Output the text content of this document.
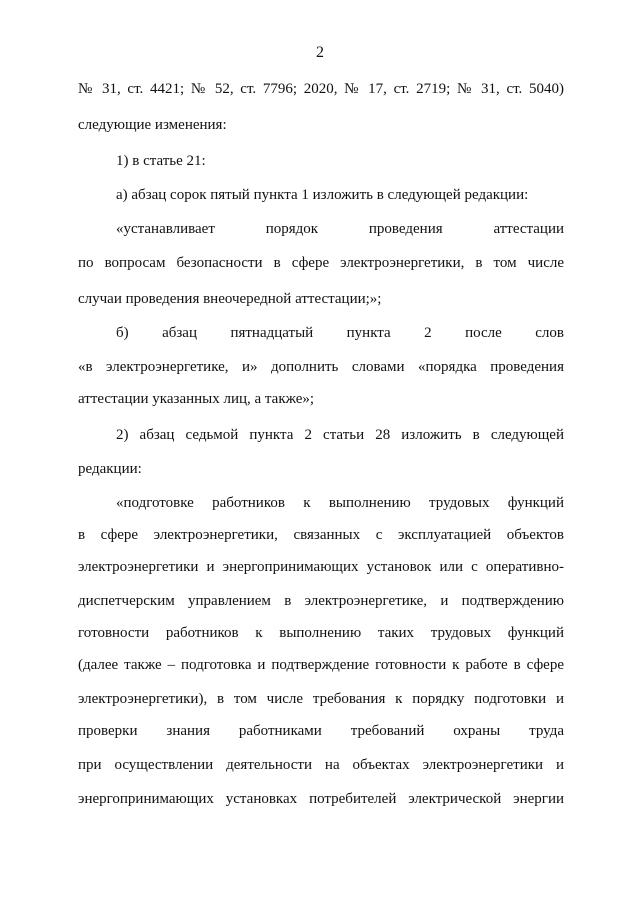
2
№ 31, ст. 4421; № 52, ст. 7796; 2020, № 17, ст. 2719; № 31, ст. 5040)
следующие изменения:
1) в статье 21:
а) абзац сорок пятый пункта 1 изложить в следующей редакции:
«устанавливает порядок проведения аттестации
по вопросам безопасности в сфере электроэнергетики, в том числе
случаи проведения внеочередной аттестации;»;
б) абзац пятнадцатый пункта 2 после слов
«в электроэнергетике, и» дополнить словами «порядка проведения
аттестации указанных лиц, а также»;
2) абзац седьмой пункта 2 статьи 28 изложить в следующей
редакции:
«подготовке работников к выполнению трудовых функций
в сфере электроэнергетики, связанных с эксплуатацией объектов
электроэнергетики и энергопринимающих установок или с оперативно-
диспетчерским управлением в электроэнергетике, и подтверждению
готовности работников к выполнению таких трудовых функций
(далее также – подготовка и подтверждение готовности к работе в сфере
электроэнергетики), в том числе требования к порядку подготовки и
проверки знания работниками требований охраны труда
при осуществлении деятельности на объектах электроэнергетики и
энергопринимающих установках потребителей электрической энергии
